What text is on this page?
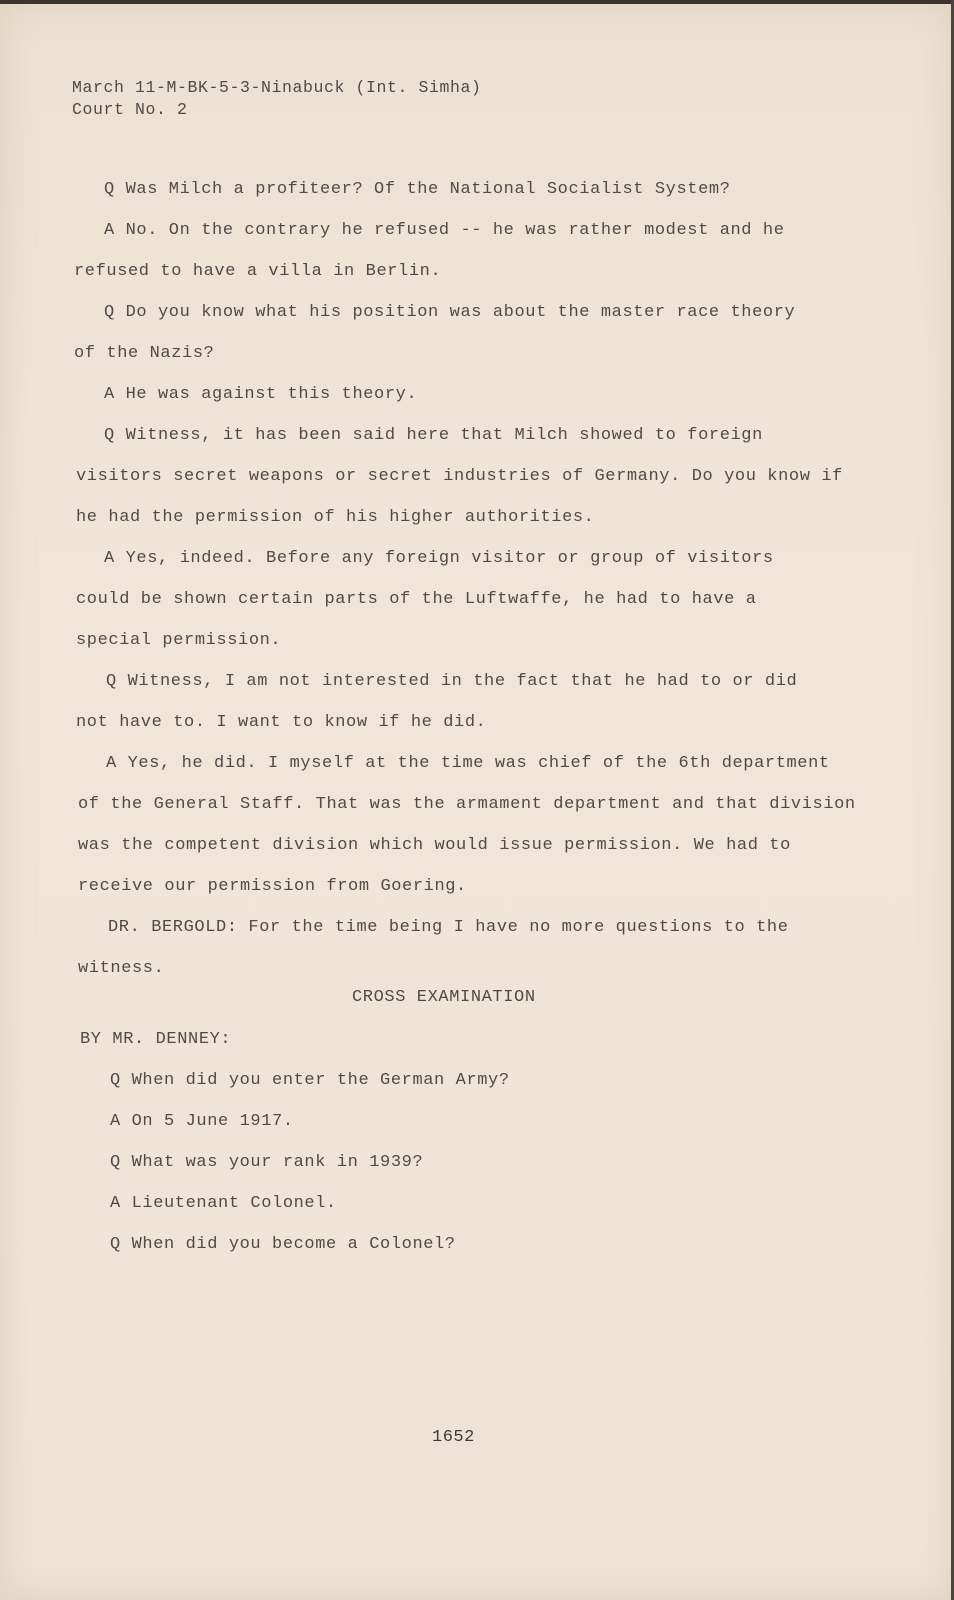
March 11-M-BK-5-3-Ninabuck (Int. Simha)
Court No. 2
Q Was Milch a profiteer? Of the National Socialist System?
A No. On the contrary he refused -- he was rather modest and he
refused to have a villa in Berlin.
Q Do you know what his position was about the master race theory
of the Nazis?
A He was against this theory.
Q Witness, it has been said here that Milch showed to foreign
visitors secret weapons or secret industries of Germany. Do you know if
he had the permission of his higher authorities.
A Yes, indeed. Before any foreign visitor or group of visitors
could be shown certain parts of the Luftwaffe, he had to have a
special permission.
Q Witness, I am not interested in the fact that he had to or did
not have to. I want to know if he did.
A Yes, he did. I myself at the time was chief of the 6th department
of the General Staff. That was the armament department and that division
was the competent division which would issue permission. We had to
receive our permission from Goering.
DR. BERGOLD: For the time being I have no more questions to the
witness.
CROSS EXAMINATION
BY MR. DENNEY:
Q When did you enter the German Army?
A On 5 June 1917.
Q What was your rank in 1939?
A Lieutenant Colonel.
Q When did you become a Colonel?
1652
